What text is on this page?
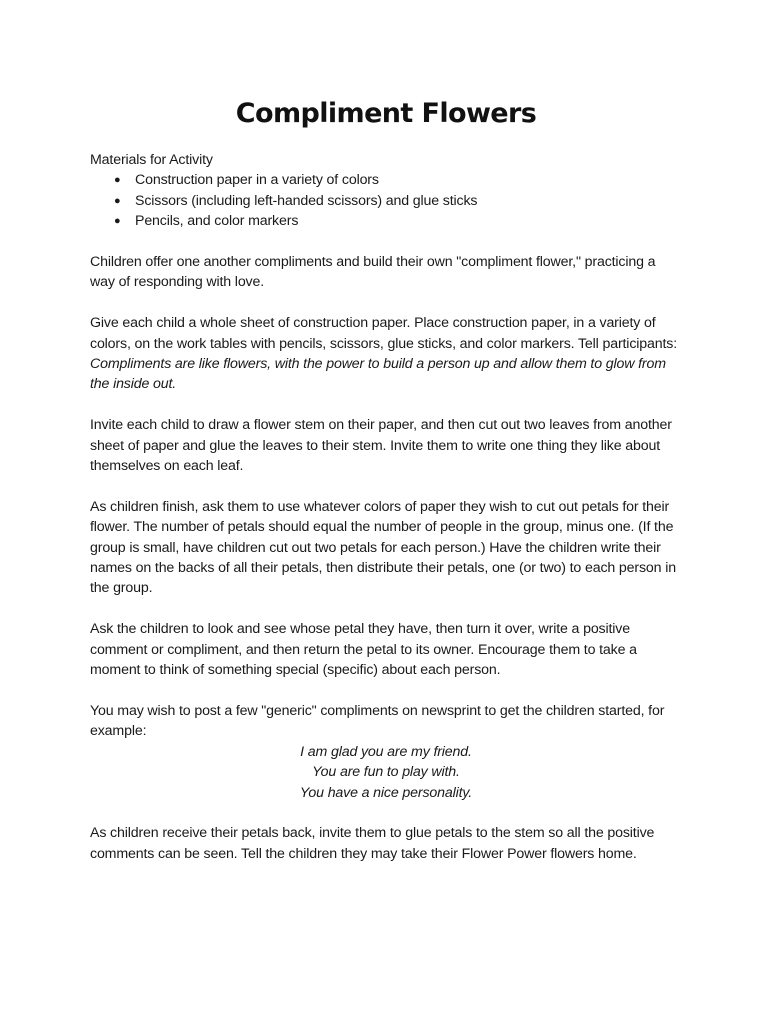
Compliment Flowers

Materials for Activity

● Construction paper in a variety of colors
● Scissors (including left-handed scissors) and glue sticks
● Pencils, and color markers

Children offer one another compliments and build their own "compliment flower," practicing a way of responding with love.

Give each child a whole sheet of construction paper. Place construction paper, in a variety of colors, on the work tables with pencils, scissors, glue sticks, and color markers. Tell participants: Compliments are like flowers, with the power to build a person up and allow them to glow from the inside out.

Invite each child to draw a flower stem on their paper, and then cut out two leaves from another sheet of paper and glue the leaves to their stem. Invite them to write one thing they like about themselves on each leaf.

As children finish, ask them to use whatever colors of paper they wish to cut out petals for their flower. The number of petals should equal the number of people in the group, minus one. (If the group is small, have children cut out two petals for each person.) Have the children write their names on the backs of all their petals, then distribute their petals, one (or two) to each person in the group.

Ask the children to look and see whose petal they have, then turn it over, write a positive comment or compliment, and then return the petal to its owner. Encourage them to take a moment to think of something special (specific) about each person.

You may wish to post a few "generic" compliments on newsprint to get the children started, for example:

I am glad you are my friend.
You are fun to play with.
You have a nice personality.

As children receive their petals back, invite them to glue petals to the stem so all the positive comments can be seen. Tell the children they may take their Flower Power flowers home.
